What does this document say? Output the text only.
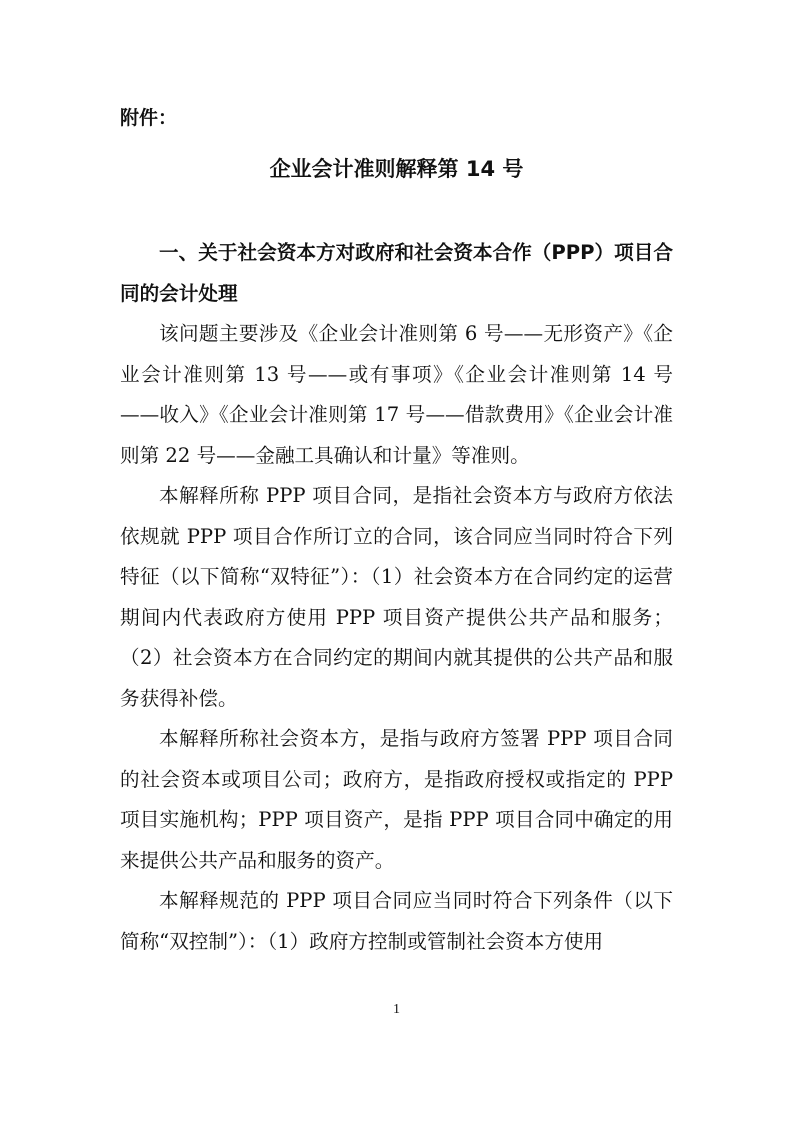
附件：
企业会计准则解释第 14 号

一、关于社会资本方对政府和社会资本合作（PPP）项目合同的会计处理

该问题主要涉及《企业会计准则第 6 号——无形资产》《企业会计准则第 13 号——或有事项》《企业会计准则第 14 号——收入》《企业会计准则第 17 号——借款费用》《企业会计准则第 22 号——金融工具确认和计量》等准则。

本解释所称 PPP 项目合同，是指社会资本方与政府方依法依规就 PPP 项目合作所订立的合同，该合同应当同时符合下列特征（以下简称“双特征”）：（1）社会资本方在合同约定的运营期间内代表政府方使用 PPP 项目资产提供公共产品和服务；（2）社会资本方在合同约定的期间内就其提供的公共产品和服务获得补偿。

本解释所称社会资本方，是指与政府方签署 PPP 项目合同的社会资本或项目公司；政府方，是指政府授权或指定的 PPP 项目实施机构；PPP 项目资产，是指 PPP 项目合同中确定的用来提供公共产品和服务的资产。

本解释规范的 PPP 项目合同应当同时符合下列条件（以下简称“双控制”）：（1）政府方控制或管制社会资本方使用

1
